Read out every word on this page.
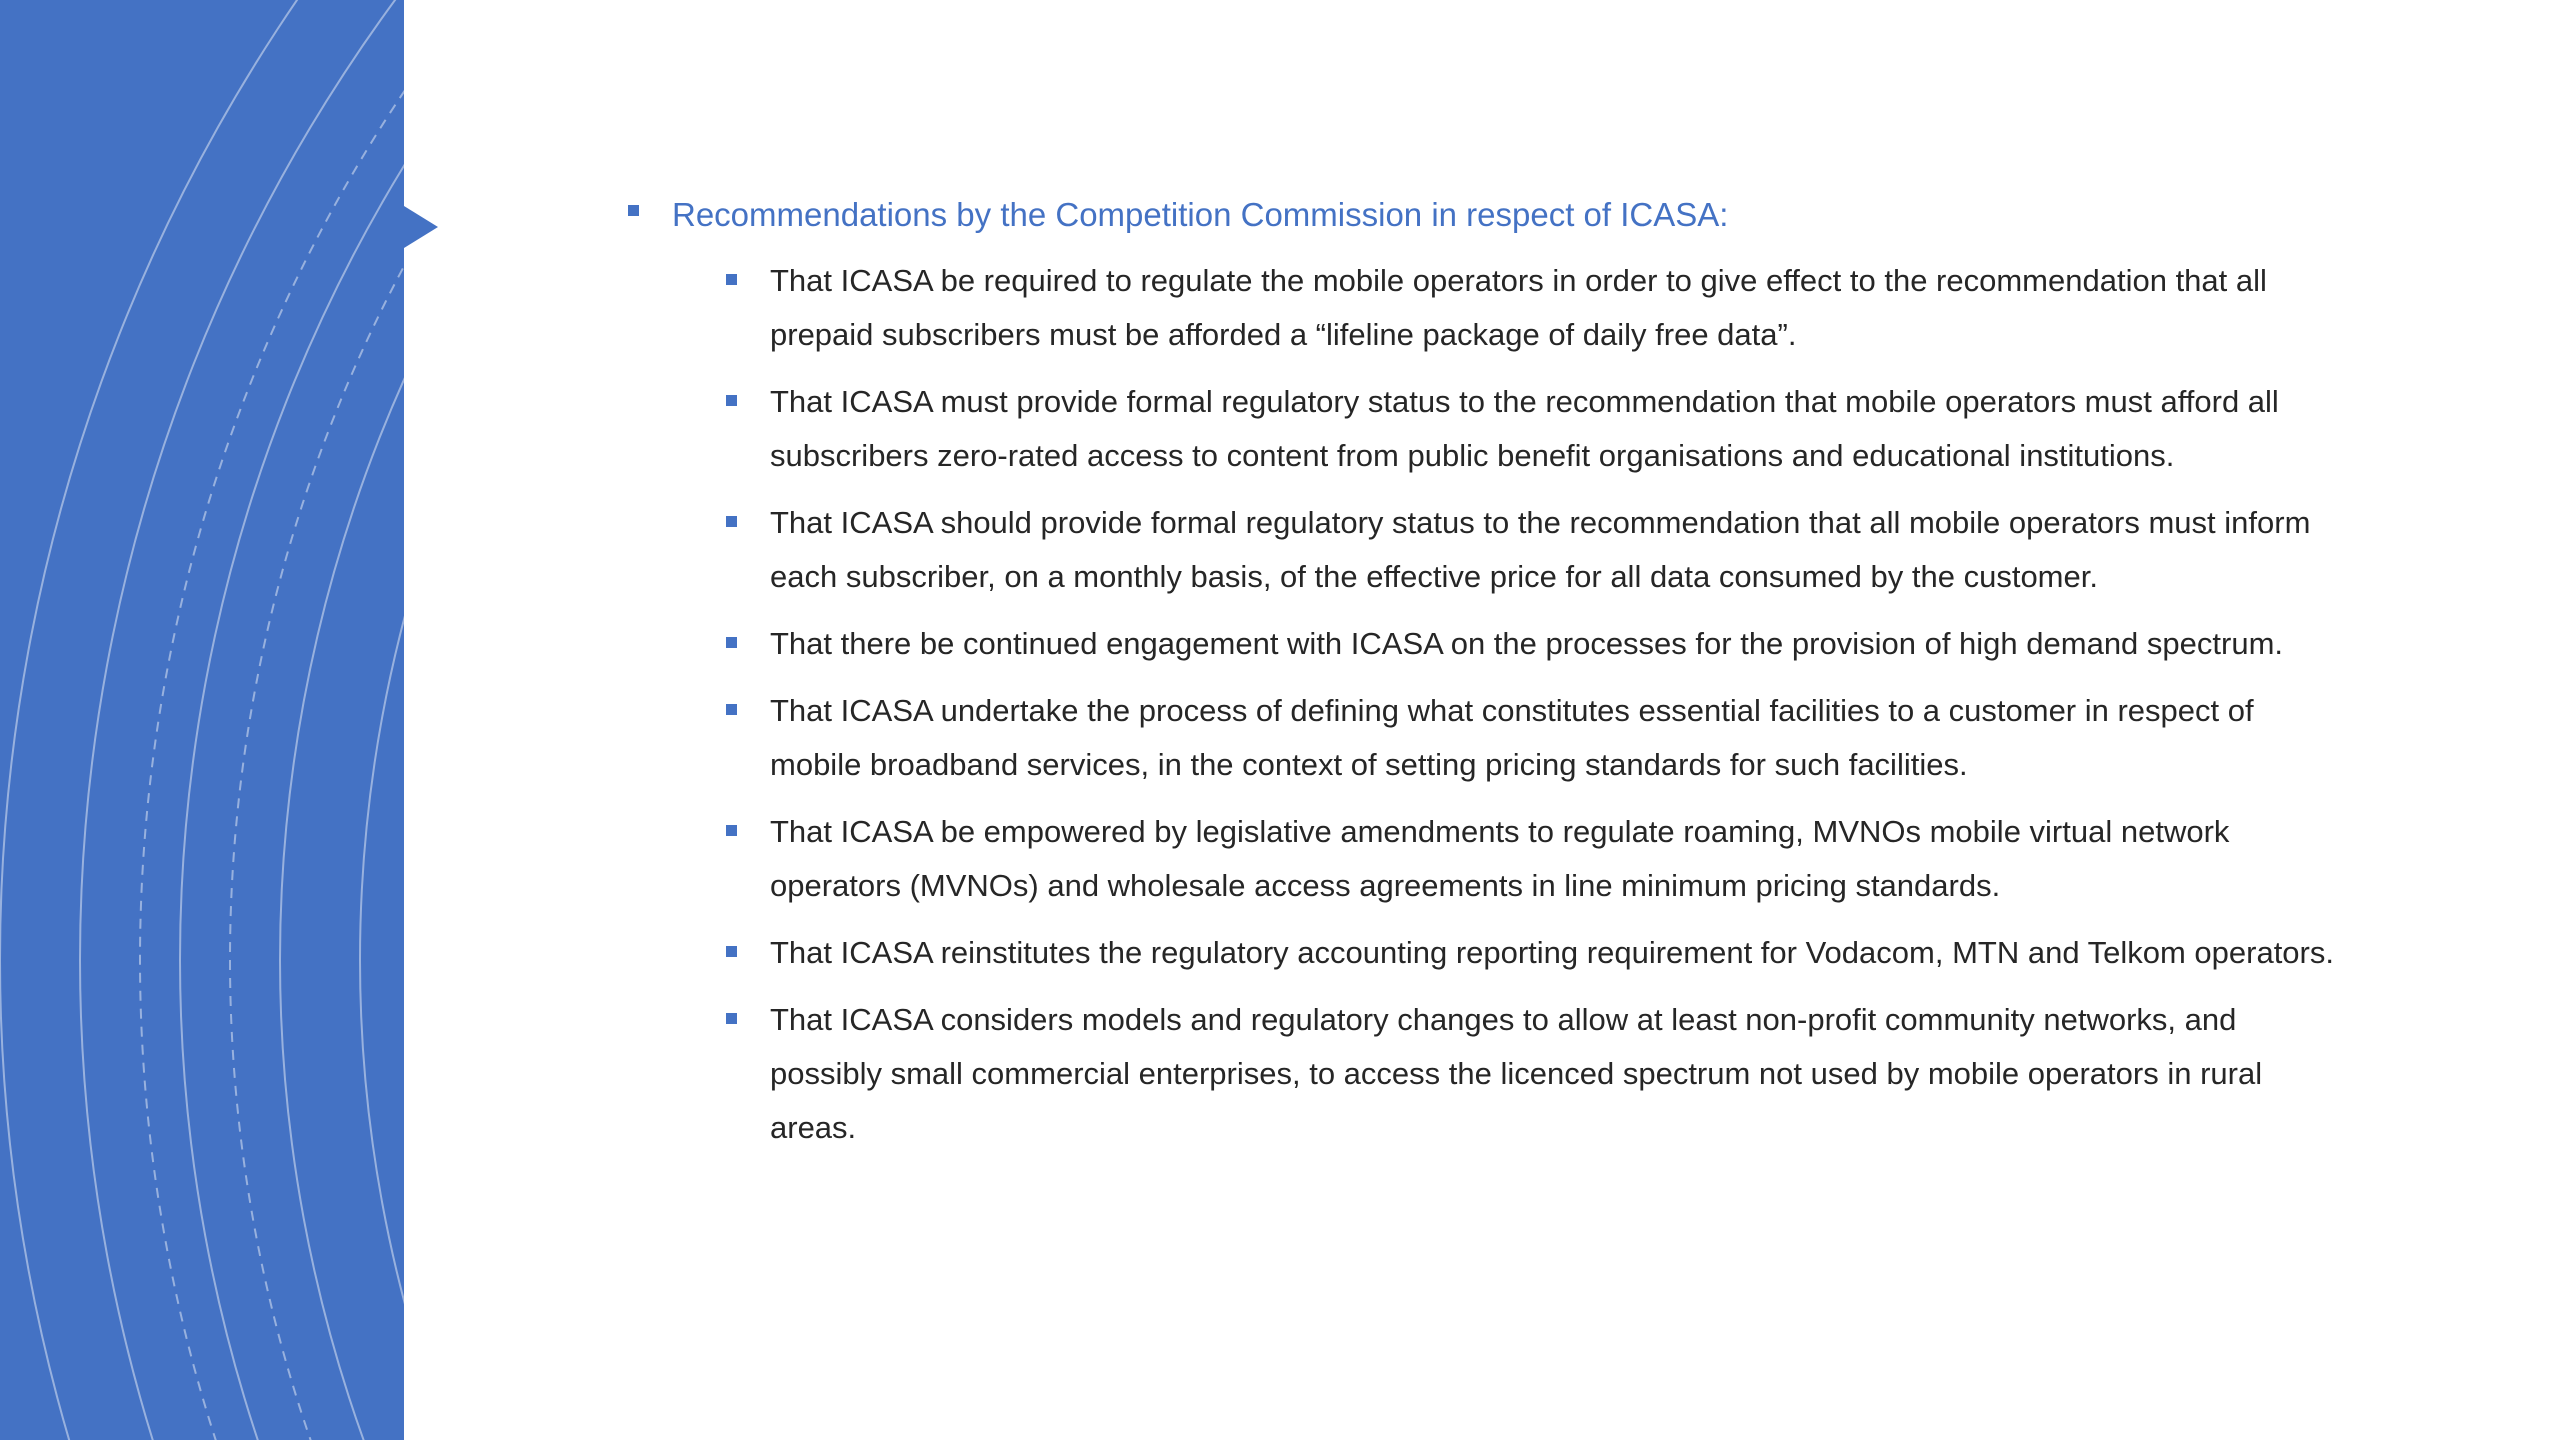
Recommendations by the Competition Commission in respect of ICASA:
That ICASA be required to regulate the mobile operators in order to give effect to the recommendation that all prepaid subscribers must be afforded a “lifeline package of daily free data”.
That ICASA must provide formal regulatory status to the recommendation that mobile operators must afford all subscribers zero-rated access to content from public benefit organisations and educational institutions.
That ICASA should provide formal regulatory status to the recommendation that all mobile operators must inform each subscriber, on a monthly basis, of the effective price for all data consumed by the customer.
That there be continued engagement with ICASA on the processes for the provision of high demand spectrum.
That ICASA undertake the process of defining what constitutes essential facilities to a customer in respect of mobile broadband services, in the context of setting pricing standards for such facilities.
That ICASA be empowered by legislative amendments to regulate roaming, MVNOs mobile virtual network operators (MVNOs) and wholesale access agreements in line minimum pricing standards.
That ICASA reinstitutes the regulatory accounting reporting requirement for Vodacom, MTN and Telkom operators.
That ICASA considers models and regulatory changes to allow at least non-profit community networks, and possibly small commercial enterprises, to access the licenced spectrum not used by mobile operators in rural areas.
